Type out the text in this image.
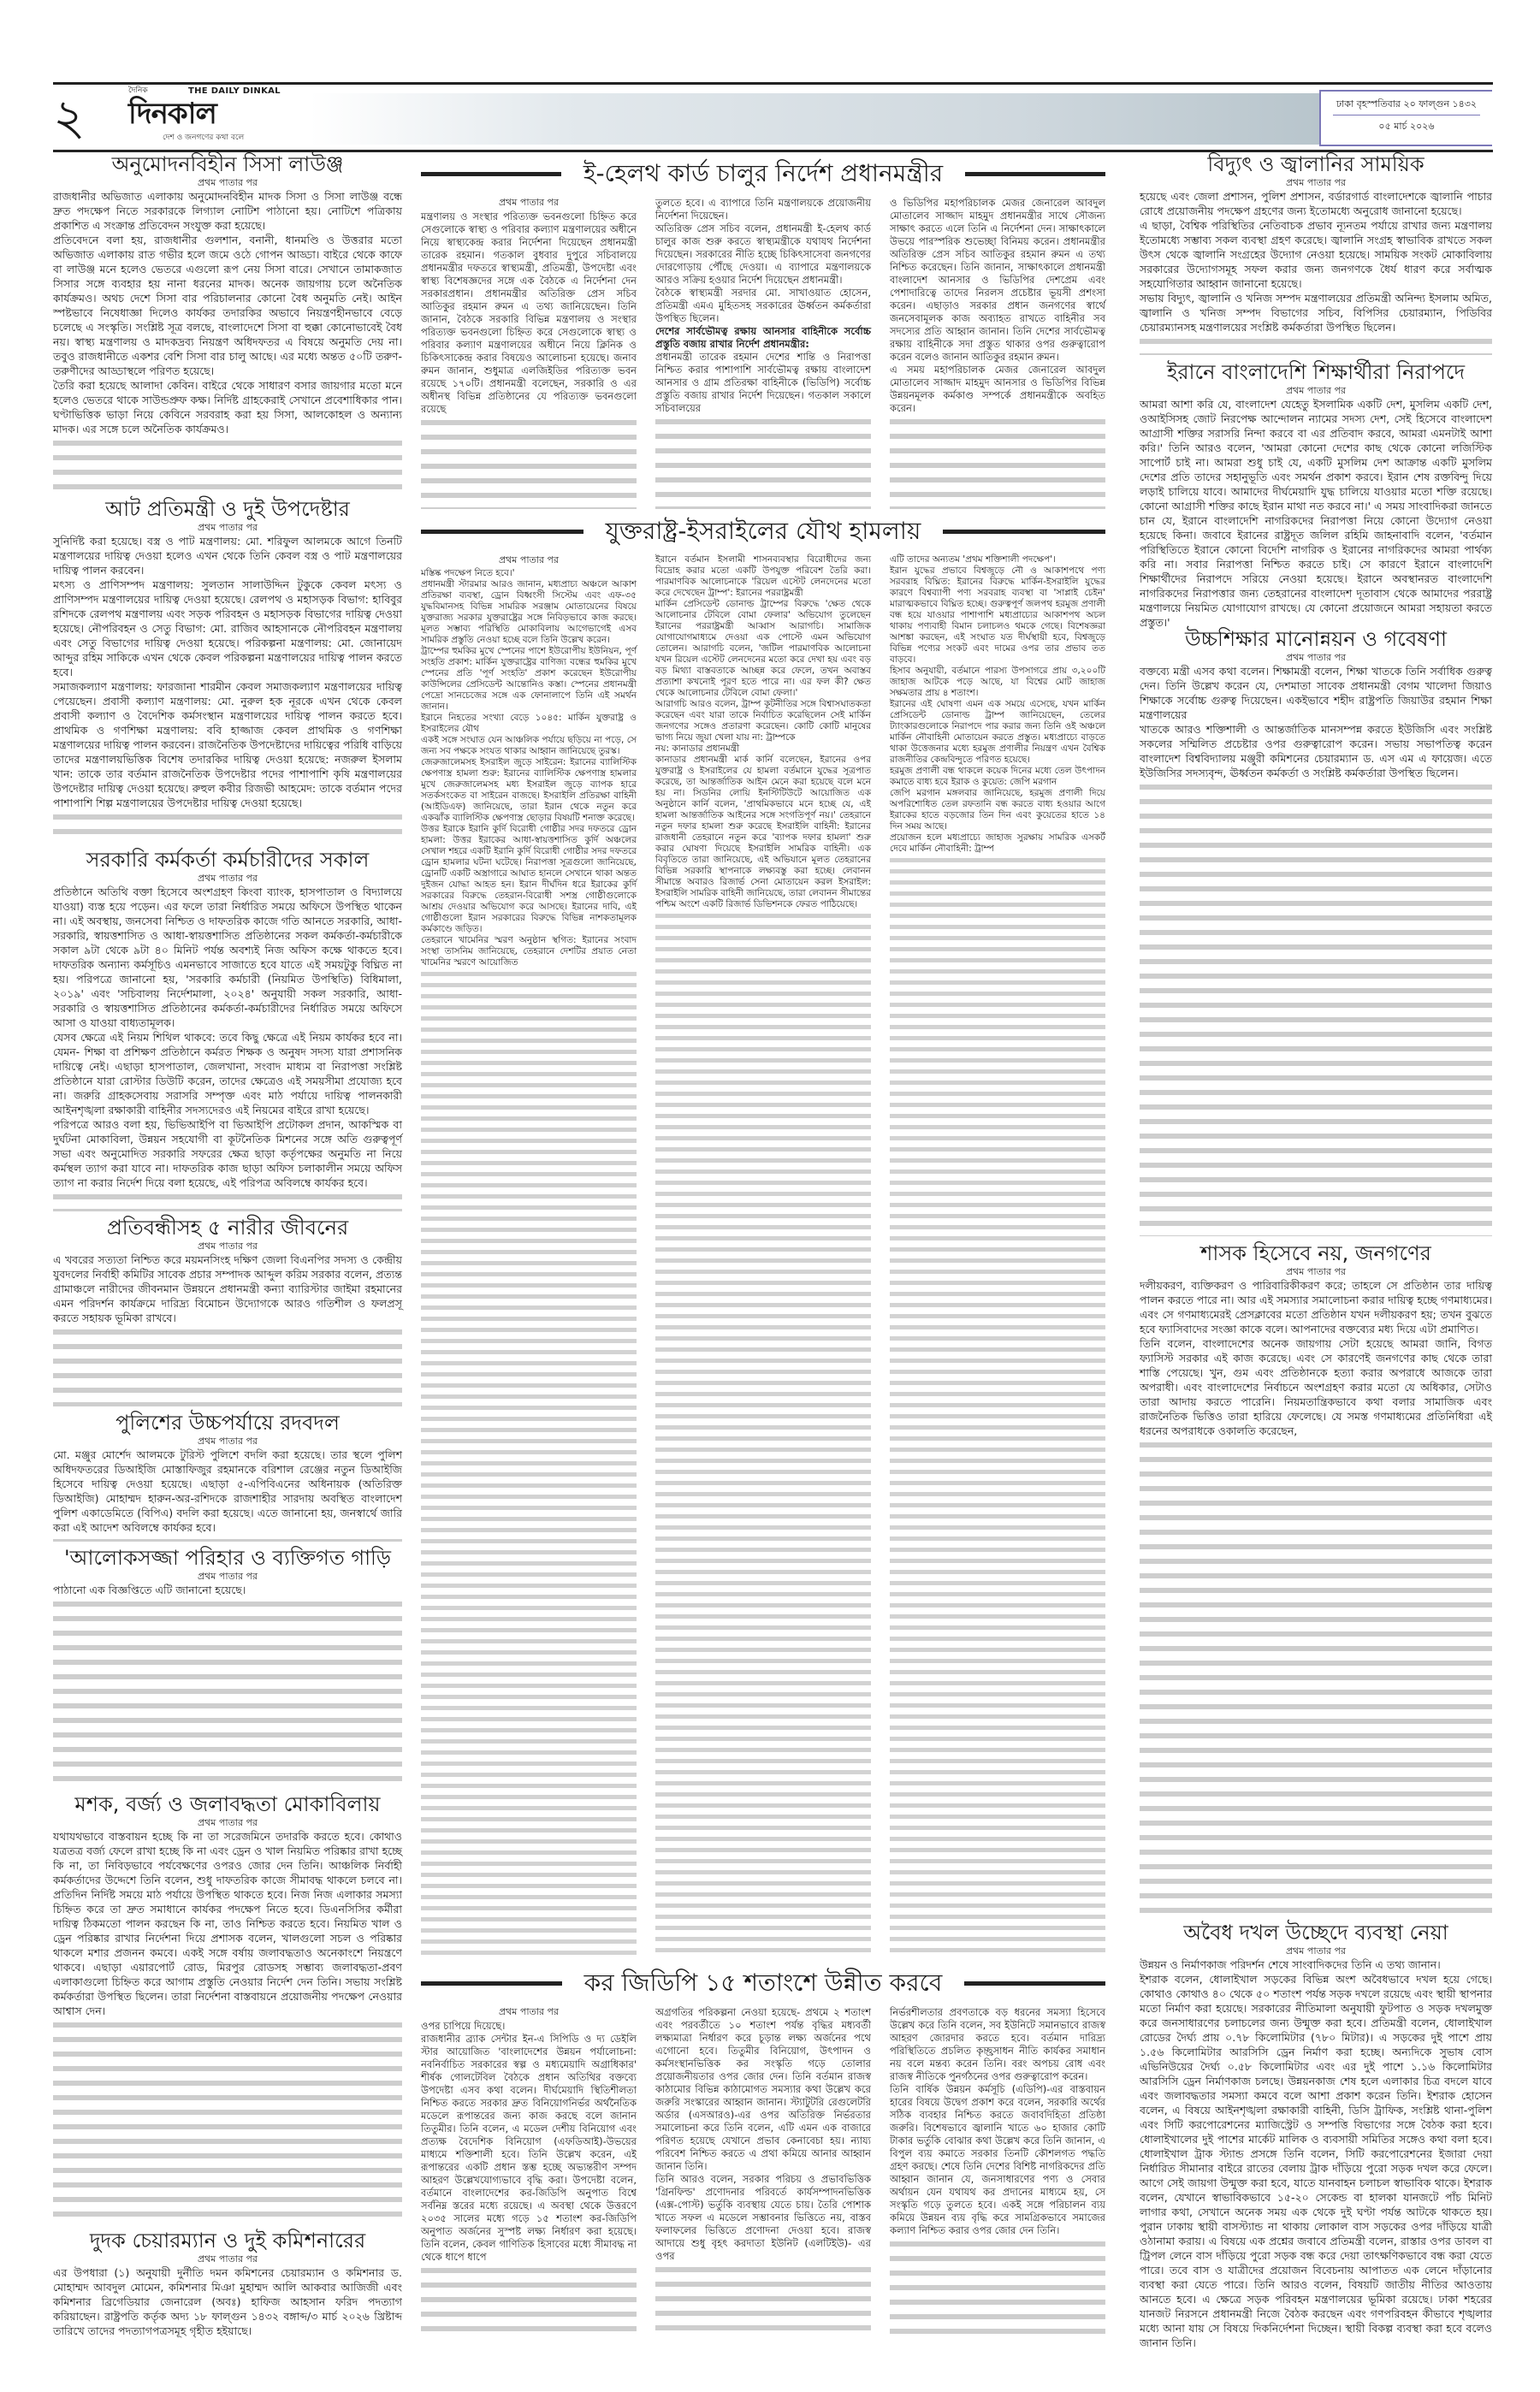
২	দৈনিক	THE DAILY DINKAL
দিনকাল
দেশ ও জনগণের কথা বলে
ঢাকা বৃহস্পতিবার ২০ ফাল্গুন ১৪৩২
০৫ মার্চ ২০২৬
অনুমোদনবিহীন সিসা লাউঞ্জ
প্রথম পাতার পর

রাজধানীর অভিজাত এলাকায় অনুমোদনবিহীন মাদক সিসা ও সিসা লাউঞ্জ বন্ধে দ্রুত পদক্ষেপ নিতে সরকারকে লিগ্যাল নোটিশ পাঠানো হয়। নোটিশে পত্রিকায় প্রকাশিত এ সংক্রান্ত প্রতিবেদন সংযুক্ত করা হয়েছে।

প্রতিবেদনে বলা হয়, রাজধানীর গুলশান, বনানী, ধানমণ্ডি ও উত্তরার মতো অভিজাত এলাকায় রাত গভীর হলে জমে ওঠে গোপন আড্ডা। বাইরে থেকে কাফে বা লাউঞ্জ মনে হলেও ভেতরে এগুলো রূপ নেয় সিসা বারে। সেখানে তামাকজাত সিসার সঙ্গে ব্যবহার হয় নানা ধরনের মাদক। অনেক জায়গায় চলে অনৈতিক কার্যক্রমও। অথচ দেশে সিসা বার পরিচালনার কোনো বৈধ অনুমতি নেই। আইন স্পষ্টভাবে নিষেধাজ্ঞা দিলেও কার্যকর তদারকির অভাবে নিয়ন্ত্রণহীনভাবে বেড়ে চলেছে এ সংস্কৃতি। সংশ্লিষ্ট সূত্র বলছে, বাংলাদেশে সিসা বা হুক্কা কোনোভাবেই বৈধ নয়। স্বাস্থ্য মন্ত্রণালয় ও মাদকদ্রব্য নিয়ন্ত্রণ অধিদফতর এ বিষয়ে অনুমতি দেয় না। তবুও রাজধানীতে একশর বেশি সিসা বার চালু আছে। এর মধ্যে অন্তত ৫০টি তরুণ-তরুণীদের আড্ডাস্থলে পরিণত হয়েছে।

তৈরি করা হয়েছে আলাদা কেবিন। বাইরে থেকে সাধারণ বসার জায়গার মতো মনে হলেও ভেতরে থাকে সাউন্ডপ্রুফ কক্ষ। নির্দিষ্ট গ্রাহকেরাই সেখানে প্রবেশাধিকার পান। ঘণ্টাভিত্তিক ভাড়া নিয়ে কেবিনে সরবরাহ করা হয় সিসা, আলকোহল ও অন্যান্য মাদক। এর সঙ্গে চলে অনৈতিক কার্যক্রমও।

আট প্রতিমন্ত্রী ও দুই উপদেষ্টার
প্রথম পাতার পর

সুনির্দিষ্ট করা হয়েছে। বস্ত্র ও পাট মন্ত্রণালয়: মো. শরিফুল আলমকে আগে তিনটি মন্ত্রণালয়ের দায়িত্ব দেওয়া হলেও এখন থেকে তিনি কেবল বস্ত্র ও পাট মন্ত্রণালয়ের দায়িত্ব পালন করবেন।

মৎস্য ও প্রাণিসম্পদ মন্ত্রণালয়: সুলতান সালাউদ্দিন টুকুকে কেবল মৎস্য ও প্রাণিসম্পদ মন্ত্রণালয়ের দায়িত্ব দেওয়া হয়েছে। রেলপথ ও মহাসড়ক বিভাগ: হাবিবুর রশিদকে রেলপথ মন্ত্রণালয় এবং সড়ক পরিবহন ও মহাসড়ক বিভাগের দায়িত্ব দেওয়া হয়েছে। নৌপরিবহন ও সেতু বিভাগ: মো. রাজিব আহসানকে নৌপরিবহন মন্ত্রণালয় এবং সেতু বিভাগের দায়িত্ব দেওয়া হয়েছে। পরিকল্পনা মন্ত্রণালয়: মো. জোনায়েদ আব্দুর রহিম সাকিকে এখন থেকে কেবল পরিকল্পনা মন্ত্রণালয়ের দায়িত্ব পালন করতে হবে।

সমাজকল্যাণ মন্ত্রণালয়: ফারজানা শারমীন কেবল সমাজকল্যাণ মন্ত্রণালয়ের দায়িত্ব পেয়েছেন। প্রবাসী কল্যাণ মন্ত্রণালয়: মো. নুরুল হক নূরকে এখন থেকে কেবল প্রবাসী কল্যাণ ও বৈদেশিক কর্মসংস্থান মন্ত্রণালয়ের দায়িত্ব পালন করতে হবে। প্রাথমিক ও গণশিক্ষা মন্ত্রণালয়: ববি হাজ্জাজ কেবল প্রাথমিক ও গণশিক্ষা মন্ত্রণালয়ের দায়িত্ব পালন করবেন। রাজনৈতিক উপদেষ্টাদের দায়িত্বের পরিধি বাড়িয়ে তাদের মন্ত্রণালয়ভিত্তিক বিশেষ তদারকির দায়িত্ব দেওয়া হয়েছে: নজরুল ইসলাম খান: তাকে তার বর্তমান রাজনৈতিক উপদেষ্টার পদের পাশাপাশি কৃষি মন্ত্রণালয়ের উপদেষ্টার দায়িত্ব দেওয়া হয়েছে। রুহুল কবীর রিজভী আহমেদ: তাকে বর্তমান পদের পাশাপাশি শিল্প মন্ত্রণালয়ের উপদেষ্টার দায়িত্ব দেওয়া হয়েছে।

সরকারি কর্মকর্তা কর্মচারীদের সকাল
প্রথম পাতার পর

প্রতিষ্ঠানে অতিথি বক্তা হিসেবে অংশগ্রহণ কিংবা ব্যাংক, হাসপাতাল ও বিদ্যালয়ে যাওয়া) ব্যস্ত হয়ে পড়েন। এর ফলে তারা নির্ধারিত সময়ে অফিসে উপস্থিত থাকেন না। এই অবস্থায়, জনসেবা নিশ্চিত ও দাফতরিক কাজে গতি আনতে সরকারি, আধা-সরকারি, স্বায়ত্তশাসিত ও আধা-স্বায়ত্তশাসিত প্রতিষ্ঠানের সকল কর্মকর্তা-কর্মচারীকে সকাল ৯টা থেকে ৯টা ৪০ মিনিট পর্যন্ত অবশ্যই নিজ অফিস কক্ষে থাকতে হবে। দাফতরিক অন্যান্য কর্মসূচিও এমনভাবে সাজাতে হবে যাতে এই সময়টুকু বিঘ্নিত না হয়। পরিপত্রে জানানো হয়, 'সরকারি কর্মচারী (নিয়মিত উপস্থিতি) বিধিমালা, ২০১৯' এবং 'সচিবালয় নির্দেশমালা, ২০২৪' অনুযায়ী সকল সরকারি, আধা-সরকারি ও স্বায়ত্তশাসিত প্রতিষ্ঠানের কর্মকর্তা-কর্মচারীদের নির্ধারিত সময়ে অফিসে আসা ও যাওয়া বাধ্যতামূলক।

যেসব ক্ষেত্রে এই নিয়ম শিথিল থাকবে: তবে কিছু ক্ষেত্রে এই নিয়ম কার্যকর হবে না। যেমন- শিক্ষা বা প্রশিক্ষণ প্রতিষ্ঠানে কর্মরত শিক্ষক ও অনুষদ সদস্য যারা প্রশাসনিক দায়িত্বে নেই। এছাড়া হাসপাতাল, জেলখানা, সংবাদ মাধ্যম বা নিরাপত্তা সংশ্লিষ্ট প্রতিষ্ঠানে যারা রোস্টার ডিউটি করেন, তাদের ক্ষেত্রেও এই সময়সীমা প্রযোজ্য হবে না। জরুরি গ্রাহকসেবায় সরাসরি সম্পৃক্ত এবং মাঠ পর্যায়ে দায়িত্ব পালনকারী আইনশৃঙ্খলা রক্ষাকারী বাহিনীর সদস্যদেরও এই নিয়মের বাইরে রাখা হয়েছে।

পরিপত্রে আরও বলা হয়, ভিভিআইপি বা ভিআইপি প্রটোকল প্রদান, আকস্মিক বা দুর্ঘটনা মোকাবিলা, উন্নয়ন সহযোগী বা কূটনৈতিক মিশনের সঙ্গে অতি গুরুত্বপূর্ণ সভা এবং অনুমোদিত সরকারি সফরের ক্ষেত্র ছাড়া কর্তৃপক্ষের অনুমতি না নিয়ে কর্মস্থল ত্যাগ করা যাবে না। দাফতরিক কাজ ছাড়া অফিস চলাকালীন সময়ে অফিস ত্যাগ না করার নির্দেশ দিয়ে বলা হয়েছে, এই পরিপত্র অবিলম্বে কার্যকর হবে।

প্রতিবন্ধীসহ ৫ নারীর জীবনের
প্রথম পাতার পর

এ খবরের সত্যতা নিশ্চিত করে ময়মনসিংহ দক্ষিণ জেলা বিএনপির সদস্য ও কেন্দ্রীয় যুবদলের নির্বাহী কমিটির সাবেক প্রচার সম্পাদক আব্দুল করিম সরকার বলেন, প্রত্যন্ত গ্রামাঞ্চলে নারীদের জীবনমান উন্নয়নে প্রধানমন্ত্রী কন্যা ব্যারিস্টার জাইমা রহমানের এমন পরিদর্শন কার্যক্রমে দারিদ্র্য বিমোচন উদ্যোগকে আরও গতিশীল ও ফলপ্রসূ করতে সহায়ক ভূমিকা রাখবে।

পুলিশের উচ্চপর্যায়ে রদবদল
প্রথম পাতার পর

মো. মঞ্জুর মোর্শেদ আলমকে টুরিস্ট পুলিশে বদলি করা হয়েছে। তার স্থলে পুলিশ অধিদফতরের ডিআইজি মোস্তাফিজুর রহমানকে বরিশাল রেঞ্জের নতুন ডিআইজি হিসেবে দায়িত্ব দেওয়া হয়েছে। এছাড়া ৫-এপিবিএনের অধিনায়ক (অতিরিক্ত ডিআইজি) মোহাম্মদ হারুন-অর-রশিদকে রাজশাহীর সারদায় অবস্থিত বাংলাদেশ পুলিশ একাডেমিতে (বিপিএ) বদলি করা হয়েছে। এতে জানানো হয়, জনস্বার্থে জারি করা এই আদেশ অবিলম্বে কার্যকর হবে।

'আলোকসজ্জা পরিহার ও ব্যক্তিগত গাড়ি
প্রথম পাতার পর

পাঠানো এক বিজ্ঞপ্তিতে এটি জানানো হয়েছে।

মশক, বর্জ্য ও জলাবদ্ধতা মোকাবিলায়
প্রথম পাতার পর

যথাযথভাবে বাস্তবায়ন হচ্ছে কি না তা সরেজমিনে তদারকি করতে হবে। কোথাও যত্রতত্র বর্জ্য ফেলে রাখা হচ্ছে কি না এবং ড্রেন ও খাল নিয়মিত পরিষ্কার রাখা হচ্ছে কি না, তা নিবিড়ভাবে পর্যবেক্ষণের ওপরও জোর দেন তিনি। আঞ্চলিক নির্বাহী কর্মকর্তাদের উদ্দেশে তিনি বলেন, শুধু দাফতরিক কাজে সীমাবদ্ধ থাকলে চলবে না। প্রতিদিন নির্দিষ্ট সময়ে মাঠ পর্যায়ে উপস্থিত থাকতে হবে। নিজ নিজ এলাকার সমস্যা চিহ্নিত করে তা দ্রুত সমাধানে কার্যকর পদক্ষেপ নিতে হবে। ডিএনসিসির কর্মীরা দায়িত্ব ঠিকমতো পালন করছেন কি না, তাও নিশ্চিত করতে হবে। নিয়মিত খাল ও ড্রেন পরিষ্কার রাখার নির্দেশনা দিয়ে প্রশাসক বলেন, খালগুলো সচল ও পরিষ্কার থাকলে মশার প্রজনন কমবে। একই সঙ্গে বর্ষায় জলাবদ্ধতাও অনেকাংশে নিয়ন্ত্রণে থাকবে। এছাড়া এয়ারপোর্ট রোড, মিরপুর রোডসহ সম্ভাব্য জলাবদ্ধতা-প্রবণ এলাকাগুলো চিহ্নিত করে আগাম প্রস্তুতি নেওয়ার নির্দেশ দেন তিনি। সভায় সংশ্লিষ্ট কর্মকর্তারা উপস্থিত ছিলেন। তারা নির্দেশনা বাস্তবায়নে প্রয়োজনীয় পদক্ষেপ নেওয়ার আশ্বাস দেন।

দুদক চেয়ারম্যান ও দুই কমিশনারের
প্রথম পাতার পর

এর উপধারা (১) অনুযায়ী দুর্নীতি দমন কমিশনের চেয়ারম্যান ও কমিশনার ড. মোহাম্মদ আবদুল মোমেন, কমিশনার মিঞা মুহাম্মদ আলি আকবার আজিজী এবং কমিশনার ব্রিগেডিয়ার জেনারেল (অবঃ) হাফিজ আহসান ফরিদ পদত্যাগ করিয়াছেন। রাষ্ট্রপতি কর্তৃক অদ্য ১৮ ফাল্গুন ১৪৩২ বঙ্গাব্দ/৩ মার্চ ২০২৬ খ্রিষ্টাব্দ তারিখে তাদের পদত্যাগপত্রসমূহ গৃহীত হইয়াছে।

ই-হেলথ কার্ড চালুর নির্দেশ প্রধানমন্ত্রীর
প্রথম পাতার পর

মন্ত্রণালয় ও সংস্থার পরিত্যক্ত ভবনগুলো চিহ্নিত করে সেগুলোকে স্বাস্থ্য ও পরিবার কল্যাণ মন্ত্রণালয়ের অধীনে নিয়ে স্বাস্থ্যকেন্দ্র করার নির্দেশনা দিয়েছেন প্রধানমন্ত্রী তারেক রহমান। গতকাল বুধবার দুপুরে সচিবালয়ে প্রধানমন্ত্রীর দফতরে স্বাস্থ্যমন্ত্রী, প্রতিমন্ত্রী, উপদেষ্টা এবং স্বাস্থ্য বিশেষজ্ঞদের সঙ্গে এক বৈঠকে এ নির্দেশনা দেন সরকারপ্রধান। প্রধানমন্ত্রীর অতিরিক্ত প্রেস সচিব আতিকুর রহমান রুমন এ তথ্য জানিয়েছেন। তিনি জানান, বৈঠকে সরকারি বিভিন্ন মন্ত্রণালয় ও সংস্থার পরিত্যক্ত ভবনগুলো চিহ্নিত করে সেগুলোকে স্বাস্থ্য ও পরিবার কল্যাণ মন্ত্রণালয়ের অধীনে নিয়ে ক্লিনিক ও চিকিৎসাকেন্দ্র করার বিষয়েও আলোচনা হয়েছে। জনাব রুমন জানান, শুধুমাত্র এলজিইডির পরিত্যক্ত ভবন রয়েছে ১৭০টি। প্রধানমন্ত্রী বলেছেন, সরকারি ও এর অধীনস্থ বিভিন্ন প্রতিষ্ঠানের যে পরিত্যক্ত ভবনগুলো রয়েছে

তুলতে হবে। এ ব্যাপারে তিনি মন্ত্রণালয়কে প্রয়োজনীয় নির্দেশনা দিয়েছেন।

অতিরিক্ত প্রেস সচিব বলেন, প্রধানমন্ত্রী ই-হেলথ কার্ড চালুর কাজ শুরু করতে স্বাস্থ্যমন্ত্রীকে যথাযথ নির্দেশনা দিয়েছেন। সরকারের নীতি হচ্ছে চিকিৎসাসেবা জনগণের দোরগোড়ায় পৌঁছে দেওয়া। এ ব্যাপারে মন্ত্রণালয়কে আরও সক্রিয় হওয়ার নির্দেশ দিয়েছেন প্রধানমন্ত্রী।

বৈঠকে স্বাস্থ্যমন্ত্রী সরদার মো. সাখাওয়াত হোসেন, প্রতিমন্ত্রী এমএ মুহিতসহ সরকারের ঊর্ধ্বতন কর্মকর্তারা উপস্থিত ছিলেন।

দেশের সার্বভৌমত্ব রক্ষায় আনসার বাহিনীকে সর্বোচ্চ প্রস্তুতি বজায় রাখার নির্দেশ প্রধানমন্ত্রীর:

প্রধানমন্ত্রী তারেক রহমান দেশের শান্তি ও নিরাপত্তা নিশ্চিত করার পাশাপাশি সার্বভৌমত্ব রক্ষায় বাংলাদেশ আনসার ও গ্রাম প্রতিরক্ষা বাহিনীকে (ভিডিপি) সর্বোচ্চ প্রস্তুতি বজায় রাখার নির্দেশ দিয়েছেন। গতকাল সকালে সচিবালয়ের

ও ভিডিপির মহাপরিচালক মেজর জেনারেল আবদুল মোতালেব সাজ্জাদ মাহমুদ প্রধানমন্ত্রীর সাথে সৌজন্য সাক্ষাৎ করতে এলে তিনি এ নির্দেশনা দেন। সাক্ষাৎকালে উভয়ে পারস্পরিক শুভেচ্ছা বিনিময় করেন। প্রধানমন্ত্রীর অতিরিক্ত প্রেস সচিব আতিকুর রহমান রুমন এ তথ্য নিশ্চিত করেছেন। তিনি জানান, সাক্ষাৎকালে প্রধানমন্ত্রী বাংলাদেশ আনসার ও ভিডিপির দেশপ্রেম এবং পেশাদারিত্বে তাদের নিরলস প্রচেষ্টার ভূয়সী প্রশংসা করেন। এছাড়াও সরকার প্রধান জনগণের স্বার্থে জনসেবামূলক কাজ অব্যাহত রাখতে বাহিনীর সব সদস্যের প্রতি আহ্বান জানান। তিনি দেশের সার্বভৌমত্ব রক্ষায় বাহিনীকে সদা প্রস্তুত থাকার ওপর গুরুত্বারোপ করেন বলেও জানান আতিকুর রহমান রুমন।

এ সময় মহাপরিচালক মেজর জেনারেল আবদুল মোতালেব সাজ্জাদ মাহমুদ আনসার ও ভিডিপির বিভিন্ন উন্নয়নমূলক কর্মকাণ্ড সম্পর্কে প্রধানমন্ত্রীকে অবহিত করেন।

যুক্তরাষ্ট্র-ইসরাইলের যৌথ হামলায়
প্রথম পাতার পর

মস্তিষ্ক পদক্ষেপ নিতে হবে।'

প্রধানমন্ত্রী স্টারমার আরও জানান, মধ্যপ্রাচ্য অঞ্চলে আকাশ প্রতিরক্ষা ব্যবস্থা, ড্রোন বিধ্বংসী সিস্টেম এবং এফ-৩৫ যুদ্ধবিমানসহ বিভিন্ন সামরিক সরঞ্জাম মোতায়েনের বিষয়ে যুক্তরাজ্য সরকার যুক্তরাষ্ট্রের সঙ্গে নিবিড়ভাবে কাজ করছে। মূলত সম্ভাব্য পরিস্থিতি মোকাবিলায় আগেভাগেই এসব সামরিক প্রস্তুতি নেওয়া হচ্ছে বলে তিনি উল্লেখ করেন।

ট্রাম্পের হুমকির মুখে স্পেনের পাশে ইউরোপীয় ইউনিয়ন, পূর্ণ সংহতি প্রকাশ: মার্কিন যুক্তরাষ্ট্রের বাণিজ্য বন্ধের হুমকির মুখে স্পেনের প্রতি 'পূর্ণ সংহতি' প্রকাশ করেছেন ইউরোপীয় কাউন্সিলের প্রেসিডেন্ট আন্তোনিও কস্তা। স্পেনের প্রধানমন্ত্রী পেদ্রো সানচেজের সঙ্গে এক ফোনালাপে তিনি এই সমর্থন জানান।

ইরানে নিহতের সংখ্যা বেড়ে ১০৪৫: মার্কিন যুক্তরাষ্ট্র ও ইসরাইলের যৌথ

একই সঙ্গে সংঘাত যেন আঞ্চলিক পর্যায়ে ছড়িয়ে না পড়ে, সে জন্য সব পক্ষকে সংযত থাকার আহ্বান জানিয়েছে তুরস্ক।

জেরুজালেমসহ ইসরাইল জুড়ে সাইরেন: ইরানের ব্যালিস্টিক ক্ষেপণাস্ত্র হামলা শুরু: ইরানের ব্যালিস্টিক ক্ষেপণাস্ত্র হামলার মুখে জেরুজালেমসহ মধ্য ইসরাইল জুড়ে ব্যাপক হারে সতর্কসংকেত বা সাইরেন বাজছে। ইসরাইলি প্রতিরক্ষা বাহিনী (আইডিএফ) জানিয়েছে, তারা ইরান থেকে নতুন করে একঝাঁক ব্যালিস্টিক ক্ষেপণাস্ত্র ছোড়ার বিষয়টি শনাক্ত করেছে।

উত্তর ইরাকে ইরানি কুর্দি বিরোধী গোষ্ঠীর সদর দফতরে ড্রোন হামলা: উত্তর ইরাকের আধা-স্বায়ত্তশাসিত কুর্দি অঞ্চলের সেখাল শহরে একটি ইরানি কুর্দি বিরোধী গোষ্ঠীর সদর দফতরে ড্রোন হামলার ঘটনা ঘটেছে। নিরাপত্তা সূত্রগুলো জানিয়েছে, ড্রোনটি একটি অস্ত্রাগারে আঘাত হানলে সেখানে থাকা অন্তত দুইজন যোদ্ধা আহত হন। ইরান দীর্ঘদিন ধরে ইরাকের কুর্দি সরকারের বিরুদ্ধে তেহরান-বিরোধী সশস্ত্র গোষ্ঠীগুলোকে আশ্রয় দেওয়ার অভিযোগ করে আসছে। ইরানের দাবি, এই গোষ্ঠীগুলো ইরান সরকারের বিরুদ্ধে বিভিন্ন নাশকতামূলক কর্মকাণ্ডে জড়িত।

তেহরানে খামেনির স্মরণ অনুষ্ঠান স্থগিত: ইরানের সংবাদ সংস্থা তাসনিম জানিয়েছে, তেহরানে দেশটির প্রয়াত নেতা খামেনির স্মরণে আয়োজিত

ইরানে বর্তমান ইসলামী শাসনব্যবস্থার বিরোধীদের জন্য বিদ্রোহ করার মতো একটি উপযুক্ত পরিবেশ তৈরি করা। পারমাণবিক আলোচনাকে 'রিয়েল এস্টেট লেনদেনের মতো করে দেখেছেন ট্রাম্প': ইরানের পররাষ্ট্রমন্ত্রী

মার্কিন প্রেসিডেন্ট ডোনাল্ড ট্রাম্পের বিরুদ্ধে 'ক্ষেত থেকে আলোচনার টেবিলে বোমা ফেলার' অভিযোগ তুলেছেন ইরানের পররাষ্ট্রমন্ত্রী আব্বাস আরাগচি। সামাজিক যোগাযোগমাধ্যমে দেওয়া এক পোস্টে এমন অভিযোগ তোলেন। আরাগচি বলেন, 'জটিল পারমাণবিক আলোচনা যখন রিয়েল এস্টেট লেনদেনের মতো করে দেখা হয় এবং বড় বড় মিথ্যা বাস্তবতাকে আচ্ছন্ন করে ফেলে, তখন অবাস্তব প্রত্যাশা কখনোই পূরণ হতে পারে না। এর ফল কী? ক্ষেত থেকে আলোচনার টেবিলে বোমা ফেলা।'

আরাগচি আরও বলেন, ট্রাম্প কূটনীতির সঙ্গে বিশ্বাসঘাতকতা করেছেন এবং যারা তাকে নির্বাচিত করেছিলেন সেই মার্কিন জনগণের সঙ্গেও প্রতারণা করেছেন। কোটি কোটি মানুষের ভাগ্য নিয়ে জুয়া খেলা যায় না: ট্রাম্পকে

নয়: কানাডার প্রধানমন্ত্রী

কানাডার প্রধানমন্ত্রী মার্ক কার্নি বলেছেন, ইরানের ওপর যুক্তরাষ্ট্র ও ইসরাইলের যে হামলা বর্তমানে যুদ্ধের সূত্রপাত করেছে, তা আন্তর্জাতিক আইন মেনে করা হয়েছে বলে মনে হয় না। সিডনির লোয়ি ইনস্টিটিউটে আয়োজিত এক অনুষ্ঠানে কার্নি বলেন, 'প্রাথমিকভাবে মনে হচ্ছে যে, এই হামলা আন্তর্জাতিক আইনের সঙ্গে সংগতিপূর্ণ নয়।' তেহরানে নতুন দফার হামলা শুরু করেছে ইসরাইলি বাহিনী: ইরানের রাজধানী তেহরানে নতুন করে 'ব্যাপক দফার হামলা' শুরু করার ঘোষণা দিয়েছে ইসরাইলি সামরিক বাহিনী। এক বিবৃতিতে তারা জানিয়েছে, এই অভিযানে মূলত তেহরানের বিভিন্ন সরকারি স্থাপনাকে লক্ষ্যবস্তু করা হচ্ছে। লেবানন সীমান্তে অবারও রিজার্ভ সেনা মোতায়েন করল ইসরাইল: ইসরাইলি সামরিক বাহিনী জানিয়েছে, তারা লেবানন সীমান্তের পশ্চিম অংশে একটি রিজার্ভ ডিভিশনকে ফেরত পাঠিয়েছে।

এটি তাদের অন্যতম 'প্রথম শক্তিশালী পদক্ষেপ'।

ইরান যুদ্ধের প্রভাবে বিশ্বজুড়ে নৌ ও আকাশপথে পণ্য সরবরাহ বিঘ্নিত: ইরানের বিরুদ্ধে মার্কিন-ইসরাইলি যুদ্ধের কারণে বিশ্বব্যাপী পণ্য সরবরাহ ব্যবস্থা বা 'সাপ্লাই চেইন' মারাত্মকভাবে বিঘ্নিত হচ্ছে। গুরুত্বপূর্ণ জলপথ হরমুজ প্রণালী বন্ধ হয়ে যাওয়ার পাশাপাশি মধ্যপ্রাচ্যের আকাশপথ অচল থাকায় পণ্যবাহী বিমান চলাচলও থমকে গেছে। বিশেষজ্ঞরা আশঙ্কা করছেন, এই সংঘাত যত দীর্ঘস্থায়ী হবে, বিশ্বজুড়ে বিভিন্ন পণ্যের সংকট এবং দামের ওপর তার প্রভাব তত বাড়বে।

হিসাব অনুযায়ী, বর্তমানে পারস্য উপসাগরে প্রায় ৩,২০০টি জাহাজ আটকে পড়ে আছে, যা বিশ্বের মোট জাহাজ সক্ষমতার প্রায় ৪ শতাংশ।

ইরানের এই ঘোষণা এমন এক সময়ে এসেছে, যখন মার্কিন প্রেসিডেন্ট ডোনাল্ড ট্রাম্প জানিয়েছেন, তেলের ট্যাংকারগুলোকে নিরাপদে পার করার জন্য তিনি ওই অঞ্চলে মার্কিন নৌবাহিনী মোতায়েন করতে প্রস্তুত। মধ্যপ্রাচ্যে বাড়তে থাকা উত্তেজনার মধ্যে হরমুজ প্রণালীর নিয়ন্ত্রণ এখন বৈশ্বিক রাজনীতির কেন্দ্রবিন্দুতে পরিণত হয়েছে।

হরমুজ প্রণালী বন্ধ থাকলে কয়েক দিনের মধ্যে তেল উৎপাদন কমাতে বাধ্য হবে ইরাক ও কুয়েত: জেপি মরগান

জেপি মরগান মঙ্গলবার জানিয়েছে, হরমুজ প্রণালী দিয়ে অপরিশোধিত তেল রফতানি বন্ধ করতে বাধ্য হওয়ার আগে ইরাকের হাতে বড়জোর তিন দিন এবং কুয়েতের হাতে ১৪ দিন সময় আছে।

প্রয়োজন হলে মধ্যপ্রাচ্যে জাহাজ সুরক্ষায় সামরিক এসকর্ট দেবে মার্কিন নৌবাহিনী: ট্রাম্প

কর জিডিপি ১৫ শতাংশে উন্নীত করবে
প্রথম পাতার পর

ওপর চাপিয়ে দিয়েছে।

রাজধানীর ব্র্যাক সেন্টার ইন-এ সিপিডি ও দ্য ডেইলি স্টার আয়োজিত 'বাংলাদেশের উন্নয়ন পর্যালোচনা: নবনির্বাচিত সরকারের স্বল্প ও মধ্যমেয়াদি অগ্রাধিকার' শীর্ষক গোলটেবিল বৈঠকে প্রধান অতিথির বক্তব্যে উপদেষ্টা এসব কথা বলেন। দীর্ঘমেয়াদি স্থিতিশীলতা নিশ্চিত করতে সরকার দ্রুত বিনিয়োগনির্ভর অর্থনৈতিক মডেলে রূপান্তরের জন্য কাজ করছে বলে জানান তিতুমীর। তিনি বলেন, এ মডেল দেশীয় বিনিয়োগ এবং প্রত্যক্ষ বৈদেশিক বিনিয়োগ (এফডিআই)-উভয়ের মাধ্যমে শক্তিশালী হবে। তিনি উল্লেখ করেন, এই রূপান্তরের একটি প্রধান স্তম্ভ হচ্ছে অভ্যন্তরীণ সম্পদ আহরণ উল্লেখযোগ্যভাবে বৃদ্ধি করা। উপদেষ্টা বলেন, বর্তমানে বাংলাদেশের কর-জিডিপি অনুপাত বিশ্বে সর্বনিম্ন স্তরের মধ্যে রয়েছে। এ অবস্থা থেকে উত্তরণে ২০৩৫ সালের মধ্যে গড়ে ১৫ শতাংশ কর-জিডিপি অনুপাত অর্জনের সুস্পষ্ট লক্ষ্য নির্ধারণ করা হয়েছে। তিনি বলেন, কেবল গাণিতিক হিসাবের মধ্যে সীমাবদ্ধ না থেকে ধাপে ধাপে

অগ্রগতির পরিকল্পনা নেওয়া হয়েছে- প্রথমে ২ শতাংশ এবং পরবর্তীতে ১০ শতাংশ পর্যন্ত বৃদ্ধির মধ্যবর্তী লক্ষ্যমাত্রা নির্ধারণ করে চূড়ান্ত লক্ষ্য অর্জনের পথে এগোনো হবে। তিতুমীর বিনিয়োগ, উৎপাদন ও কর্মসংস্থানভিত্তিক কর সংস্কৃতি গড়ে তোলার প্রয়োজনীয়তার ওপর জোর দেন। তিনি বর্তমান রাজস্ব কাঠামোর বিভিন্ন কাঠামোগত সমস্যার কথা উল্লেখ করে জরুরি সংস্কারের আহ্বান জানান। স্ট্যাটুটরি রেগুলেটরি অর্ডার (এসআরও)-এর ওপর অতিরিক্ত নির্ভরতার সমালোচনা করে তিনি বলেন, এটি এমন এক বাজারে পরিণত হয়েছে যেখানে প্রভাব কেনাবেচা হয়। ন্যায্য পরিবেশ নিশ্চিত করতে এ প্রথা কমিয়ে আনার আহ্বান জানান তিনি।

তিনি আরও বলেন, সরকার পরিচয় ও প্রভাবভিত্তিক 'গ্রিনফিল্ড' প্রণোদনার পরিবর্তে কার্যসম্পাদনভিত্তিক (এক্স-পোস্ট) ভর্তুকি ব্যবস্থায় যেতে চায়। তৈরি পোশাক খাতে সফল এ মডেলে সম্ভাবনার ভিত্তিতে নয়, বাস্তব ফলাফলের ভিত্তিতে প্রণোদনা দেওয়া হবে। রাজস্ব আদায়ে শুধু বৃহৎ করদাতা ইউনিট (এলটিইউ)- এর ওপর

নির্ভরশীলতার প্রবণতাকে বড় ধরনের সমস্যা হিসেবে উল্লেখ করে তিনি বলেন, সব ইউনিটে সমানভাবে রাজস্ব আহরণ জোরদার করতে হবে। বর্তমান দারিদ্র্য পরিস্থিতিতে প্রচলিত কৃচ্ছ্রসাধন নীতি কার্যকর সমাধান নয় বলে মন্তব্য করেন তিনি। বরং অপচয় রোধ এবং রাজস্ব নীতিকে পুনর্গঠনের ওপর গুরুত্বারোপ করেন।

তিনি বার্ষিক উন্নয়ন কর্মসূচি (এডিপি)-এর বাস্তবায়ন হারের বিষয়ে উদ্বেগ প্রকাশ করে বলেন, সরকারি অর্থের সঠিক ব্যবহার নিশ্চিত করতে জবাবদিহিতা প্রতিষ্ঠা জরুরি। বিশেষভাবে জ্বালানি খাতে ৬০ হাজার কোটি টাকার ভর্তুকি বোঝার কথা উল্লেখ করে তিনি জানান, এ বিপুল ব্যয় কমাতে সরকার তিনটি কৌশলগত পদ্ধতি গ্রহণ করছে। শেষে তিনি দেশের বিশিষ্ট নাগরিকদের প্রতি আহ্বান জানান যে, জনসাধারণের পণ্য ও সেবার অর্থায়ন যেন যথাযথ কর প্রদানের মাধ্যমে হয়, সে সংস্কৃতি গড়ে তুলতে হবে। একই সঙ্গে পরিচালন ব্যয় কমিয়ে উন্নয়ন ব্যয় বৃদ্ধি করে সামগ্রিকভাবে সমাজের কল্যাণ নিশ্চিত করার ওপর জোর দেন তিনি।

বিদ্যুৎ ও জ্বালানির সাময়িক
প্রথম পাতার পর

হয়েছে এবং জেলা প্রশাসন, পুলিশ প্রশাসন, বর্ডারগার্ড বাংলাদেশকে জ্বালানি পাচার রোধে প্রয়োজনীয় পদক্ষেপ গ্রহণের জন্য ইতোমধ্যে অনুরোধ জানানো হয়েছে।

এ ছাড়া, বৈশ্বিক পরিস্থিতির নেতিবাচক প্রভাব ন্যূনতম পর্যায়ে রাখার জন্য মন্ত্রণালয় ইতোমধ্যে সম্ভাব্য সকল ব্যবস্থা গ্রহণ করেছে। জ্বালানি সংগ্রহ স্বাভাবিক রাখতে সকল উৎস থেকে জ্বালানি সংগ্রহের উদ্যোগ নেওয়া হয়েছে। সাময়িক সংকট মোকাবিলায় সরকারের উদ্যোগসমূহ সফল করার জন্য জনগণকে ধৈর্য ধারণ করে সর্বাত্মক সহযোগিতার আহ্বান জানানো হয়েছে।

সভায় বিদ্যুৎ, জ্বালানি ও খনিজ সম্পদ মন্ত্রণালয়ের প্রতিমন্ত্রী অনিন্দ্য ইসলাম অমিত, জ্বালানি ও খনিজ সম্পদ বিভাগের সচিব, বিপিসির চেয়ারম্যান, পিডিবির চেয়ারম্যানসহ মন্ত্রণালয়ের সংশ্লিষ্ট কর্মকর্তারা উপস্থিত ছিলেন।

ইরানে বাংলাদেশি শিক্ষার্থীরা নিরাপদে
প্রথম পাতার পর

আমরা আশা করি যে, বাংলাদেশ যেহেতু ইসলামিক একটি দেশ, মুসলিম একটি দেশ, ওআইসিসহ জোট নিরপেক্ষ আন্দোলন ন্যামের সদস্য দেশ, সেই হিসেবে বাংলাদেশ আগ্রাসী শক্তির সরাসরি নিন্দা করবে বা এর প্রতিবাদ করবে, আমরা এমনটাই আশা করি।' তিনি আরও বলেন, 'আমরা কোনো দেশের কাছ থেকে কোনো লজিস্টিক সাপোর্ট চাই না। আমরা শুধু চাই যে, একটি মুসলিম দেশ আক্রান্ত একটি মুসলিম দেশের প্রতি তাদের সহানুভূতি এবং সমর্থন প্রকাশ করবে। ইরান শেষ রক্তবিন্দু দিয়ে লড়াই চালিয়ে যাবে। আমাদের দীর্ঘমেয়াদি যুদ্ধ চালিয়ে যাওয়ার মতো শক্তি রয়েছে। কোনো আগ্রাসী শক্তির কাছে ইরান মাথা নত করবে না।' এ সময় সাংবাদিকরা জানতে চান যে, ইরানে বাংলাদেশি নাগরিকদের নিরাপত্তা নিয়ে কোনো উদ্যোগ নেওয়া হয়েছে কিনা। জবাবে ইরানের রাষ্ট্রদূত জলিল রহিমি জাহনাবাদি বলেন, 'বর্তমান পরিস্থিতিতে ইরানে কোনো বিদেশি নাগরিক ও ইরানের নাগরিকদের আমরা পার্থক্য করি না। সবার নিরাপত্তা নিশ্চিত করতে চাই। সে কারণে ইরানে বাংলাদেশি শিক্ষার্থীদের নিরাপদে সরিয়ে নেওয়া হয়েছে। ইরানে অবস্থানরত বাংলাদেশি নাগরিকদের নিরাপত্তার জন্য তেহরানের বাংলাদেশ দূতাবাস থেকে আমাদের পররাষ্ট্র মন্ত্রণালয়ে নিয়মিত যোগাযোগ রাখছে। যে কোনো প্রয়োজনে আমরা সহায়তা করতে প্রস্তুত।'

উচ্চশিক্ষার মানোন্নয়ন ও গবেষণা
প্রথম পাতার পর

বক্তব্যে মন্ত্রী এসব কথা বলেন। শিক্ষামন্ত্রী বলেন, শিক্ষা খাতকে তিনি সর্বাধিক গুরুত্ব দেন। তিনি উল্লেখ করেন যে, দেশমাতা সাবেক প্রধানমন্ত্রী বেগম খালেদা জিয়াও শিক্ষাকে সর্বোচ্চ গুরুত্ব দিয়েছেন। একইভাবে শহীদ রাষ্ট্রপতি জিয়াউর রহমান শিক্ষা মন্ত্রণালয়ের

খাতকে আরও শক্তিশালী ও আন্তর্জাতিক মানসম্পন্ন করতে ইউজিসি এবং সংশ্লিষ্ট সকলের সম্মিলিত প্রচেষ্টার ওপর গুরুত্বারোপ করেন। সভায় সভাপতিত্ব করেন বাংলাদেশ বিশ্ববিদ্যালয় মঞ্জুরী কমিশনের চেয়ারম্যান ড. এস এম এ ফায়েজ। এতে ইউজিসির সদস্যবৃন্দ, ঊর্ধ্বতন কর্মকর্তা ও সংশ্লিষ্ট কর্মকর্তারা উপস্থিত ছিলেন।

শাসক হিসেবে নয়, জনগণের
প্রথম পাতার পর

দলীয়করণ, ব্যক্তিকরণ ও পারিবারিকীকরণ করে; তাহলে সে প্রতিষ্ঠান তার দায়িত্ব পালন করতে পারে না। আর এই সমস্যার সমালোচনা করার দায়িত্ব হচ্ছে গণমাধ্যমের। এবং সে গণমাধ্যমেরই প্রেসক্লাবের মতো প্রতিষ্ঠান যখন দলীয়করণ হয়; তখন বুঝতে হবে ফ্যাসিবাদের সংজ্ঞা কাকে বলে। আপনাদের বক্তব্যের মধ্য দিয়ে এটা প্রমাণিত।

তিনি বলেন, বাংলাদেশের অনেক জায়গায় সেটা হয়েছে আমরা জানি, বিগত ফ্যাসিস্ট সরকার এই কাজ করেছে। এবং সে কারণেই জনগণের কাছ থেকে তারা শাস্তি পেয়েছে। খুন, গুম এবং প্রতিষ্ঠানকে হত্যা করার অপরাধে আজকে তারা অপরাধী। এবং বাংলাদেশের নির্বাচনে অংশগ্রহণ করার মতো যে অধিকার, সেটাও তারা আদায় করতে পারেনি। নিয়মতান্ত্রিকভাবে কথা বলার সামাজিক এবং রাজনৈতিক ভিত্তিও তারা হারিয়ে ফেলেছে। যে সমস্ত গণমাধ্যমের প্রতিনিধিরা এই ধরনের অপরাধকে ওকালতি করেছেন,

অবৈধ দখল উচ্ছেদে ব্যবস্থা নেয়া
প্রথম পাতার পর

উন্নয়ন ও নির্মাণকাজ পরিদর্শন শেষে সাংবাদিকদের তিনি এ তথ্য জানান।

ইশরাক বলেন, ধোলাইখাল সড়কের বিভিন্ন অংশ অবৈধভাবে দখল হয়ে গেছে। কোথাও কোথাও ৪০ থেকে ৫০ শতাংশ পর্যন্ত সড়ক দখলে রয়েছে এবং স্থায়ী স্থাপনার মতো নির্মাণ করা হয়েছে। সরকারের নীতিমালা অনুযায়ী ফুটপাত ও সড়ক দখলমুক্ত করে জনসাধারণের চলাচলের জন্য উন্মুক্ত করা হবে। প্রতিমন্ত্রী বলেন, ধোলাইখাল রোডের দৈর্ঘ্য প্রায় ০.৭৮ কিলোমিটার (৭৮০ মিটার)। এ সড়কের দুই পাশে প্রায় ১.৫৬ কিলোমিটার আরসিসি ড্রেন নির্মাণ করা হচ্ছে। অন্যদিকে সুভাষ বোস এভিনিউয়ের দৈর্ঘ্য ০.৫৮ কিলোমিটার এবং এর দুই পাশে ১.১৬ কিলোমিটার আরসিসি ড্রেন নির্মাণকাজ চলছে। উন্নয়নকাজ শেষ হলে এলাকার চিত্র বদলে যাবে এবং জলাবদ্ধতার সমস্যা কমবে বলে আশা প্রকাশ করেন তিনি। ইশরাক হোসেন বলেন, এ বিষয়ে আইনশৃঙ্খলা রক্ষাকারী বাহিনী, ডিসি ট্রাফিক, সংশ্লিষ্ট থানা-পুলিশ এবং সিটি করপোরেশনের ম্যাজিস্ট্রেট ও সম্পত্তি বিভাগের সঙ্গে বৈঠক করা হবে। ধোলাইখালের দুই পাশের মার্কেট মালিক ও ব্যবসায়ী সমিতির সঙ্গেও কথা বলা হবে। ধোলাইখাল ট্রাক স্ট্যান্ড প্রসঙ্গে তিনি বলেন, সিটি করপোরেশনের ইজারা দেয়া নির্ধারিত সীমানার বাইরে রাতের বেলায় ট্রাক দাঁড়িয়ে পুরো সড়ক দখল করে ফেলে। আগে সেই জায়গা উন্মুক্ত করা হবে, যাতে যানবাহন চলাচল স্বাভাবিক থাকে। ইশরাক বলেন, যেখানে স্বাভাবিকভাবে ১৫-২০ সেকেন্ড বা হালকা যানজটে পাঁচ মিনিট লাগার কথা, সেখানে অনেক সময় এক থেকে দুই ঘণ্টা পর্যন্ত আটকে থাকতে হয়। পুরান ঢাকায় স্থায়ী বাসস্ট্যান্ড না থাকায় লোকাল বাস সড়কের ওপর দাঁড়িয়ে যাত্রী ওঠানামা করায়। এ বিষয়ে এক প্রশ্নের জবাবে প্রতিমন্ত্রী বলেন, রাস্তার ওপর ডাবল বা ট্রিপল লেনে বাস দাঁড়িয়ে পুরো সড়ক বন্ধ করে দেয়া তাৎক্ষণিকভাবে বন্ধ করা যেতে পারে। তবে বাস ও যাত্রীদের প্রয়োজন বিবেচনায় আপাতত এক লেনে দাঁড়ানোর ব্যবস্থা করা যেতে পারে। তিনি আরও বলেন, বিষয়টি জাতীয় নীতির আওতায় আনতে হবে। এ ক্ষেত্রে সড়ক পরিবহন মন্ত্রণালয়ের ভূমিকা রয়েছে। ঢাকা শহরের যানজট নিরসনে প্রধানমন্ত্রী নিজে বৈঠক করছেন এবং গণপরিবহন কীভাবে শৃঙ্খলার মধ্যে আনা যায় সে বিষয়ে দিকনির্দেশনা দিচ্ছেন। স্থায়ী বিকল্প ব্যবস্থা করা হবে বলেও জানান তিনি।
